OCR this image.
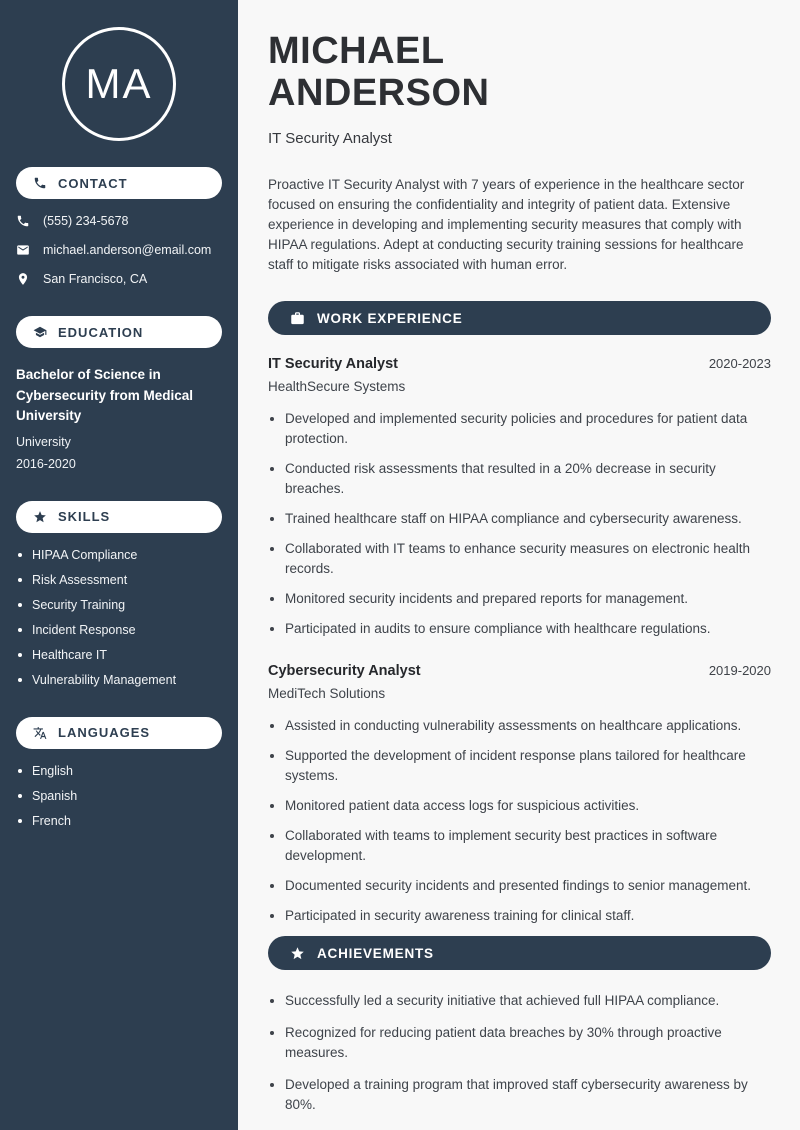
MA
CONTACT
(555) 234-5678
michael.anderson@email.com
San Francisco, CA
EDUCATION
Bachelor of Science in Cybersecurity from Medical University
University
2016-2020
SKILLS
HIPAA Compliance
Risk Assessment
Security Training
Incident Response
Healthcare IT
Vulnerability Management
LANGUAGES
English
Spanish
French
MICHAEL
ANDERSON
IT Security Analyst

Proactive IT Security Analyst with 7 years of experience in the healthcare sector focused on ensuring the confidentiality and integrity of patient data. Extensive experience in developing and implementing security measures that comply with HIPAA regulations. Adept at conducting security training sessions for healthcare staff to mitigate risks associated with human error.

WORK EXPERIENCE
IT Security Analyst	2020-2023
HealthSecure Systems
Developed and implemented security policies and procedures for patient data protection.
Conducted risk assessments that resulted in a 20% decrease in security breaches.
Trained healthcare staff on HIPAA compliance and cybersecurity awareness.
Collaborated with IT teams to enhance security measures on electronic health records.
Monitored security incidents and prepared reports for management.
Participated in audits to ensure compliance with healthcare regulations.
Cybersecurity Analyst	2019-2020
MediTech Solutions
Assisted in conducting vulnerability assessments on healthcare applications.
Supported the development of incident response plans tailored for healthcare systems.
Monitored patient data access logs for suspicious activities.
Collaborated with teams to implement security best practices in software development.
Documented security incidents and presented findings to senior management.
Participated in security awareness training for clinical staff.
ACHIEVEMENTS
Successfully led a security initiative that achieved full HIPAA compliance.
Recognized for reducing patient data breaches by 30% through proactive measures.
Developed a training program that improved staff cybersecurity awareness by 80%.
